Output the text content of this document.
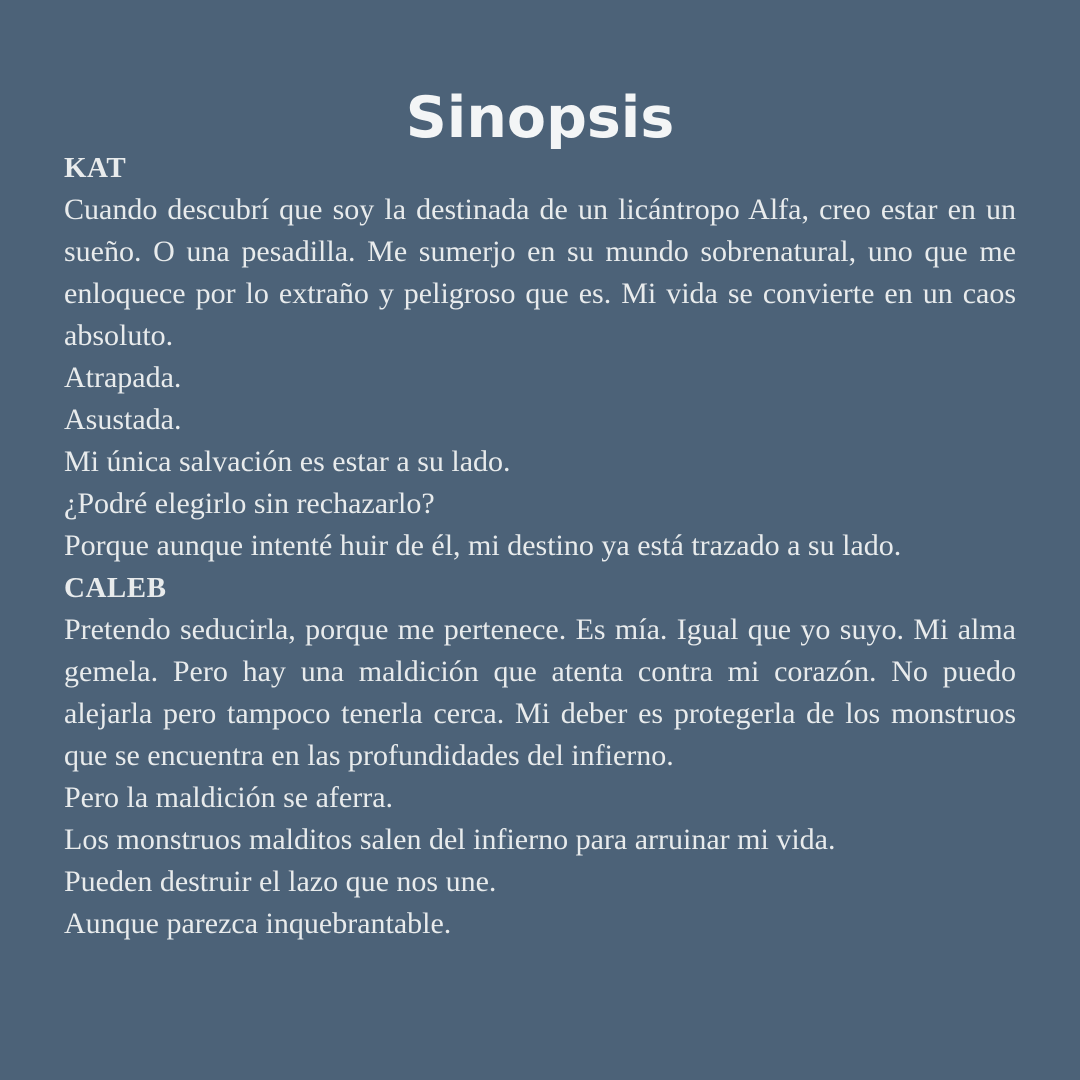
Sinopsis

KAT

Cuando descubrí que soy la destinada de un licántropo Alfa, creo estar en un sueño. O una pesadilla. Me sumerjo en su mundo sobrenatural, uno que me enloquece por lo extraño y peligroso que es. Mi vida se convierte en un caos absoluto.

Atrapada.

Asustada.

Mi única salvación es estar a su lado.

¿Podré elegirlo sin rechazarlo?

Porque aunque intenté huir de él, mi destino ya está trazado a su lado.

CALEB

Pretendo seducirla, porque me pertenece. Es mía. Igual que yo suyo. Mi alma gemela. Pero hay una maldición que atenta contra mi corazón. No puedo alejarla pero tampoco tenerla cerca. Mi deber es protegerla de los monstruos que se encuentra en las profundidades del infierno.

Pero la maldición se aferra.

Los monstruos malditos salen del infierno para arruinar mi vida.

Pueden destruir el lazo que nos une.

Aunque parezca inquebrantable.
